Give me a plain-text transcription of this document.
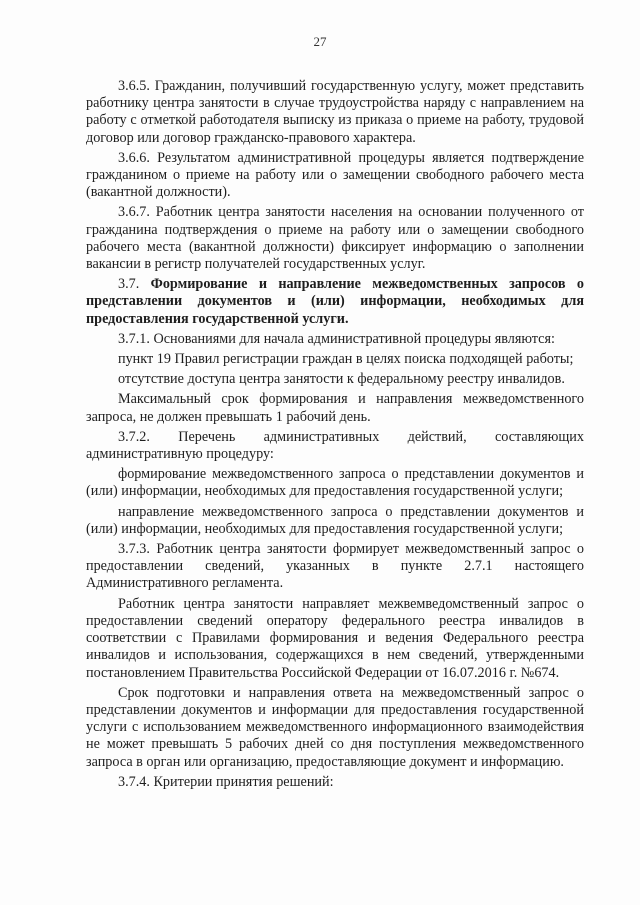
27

3.6.5. Гражданин, получивший государственную услугу, может представить работнику центра занятости в случае трудоустройства наряду с направлением на работу с отметкой работодателя выписку из приказа о приеме на работу, трудовой договор или договор гражданско-правового характера.

3.6.6. Результатом административной процедуры является подтверждение гражданином о приеме на работу или о замещении свободного рабочего места (вакантной должности).

3.6.7. Работник центра занятости населения на основании полученного от гражданина подтверждения о приеме на работу или о замещении свободного рабочего места (вакантной должности) фиксирует информацию о заполнении вакансии в регистр получателей государственных услуг.

3.7. Формирование и направление межведомственных запросов о представлении документов и (или) информации, необходимых для предоставления государственной услуги.

3.7.1. Основаниями для начала административной процедуры являются:

пункт 19 Правил регистрации граждан в целях поиска подходящей работы;

отсутствие доступа центра занятости к федеральному реестру инвалидов.

Максимальный срок формирования и направления межведомственного запроса, не должен превышать 1 рабочий день.

3.7.2. Перечень административных действий, составляющих административную процедуру:

формирование межведомственного запроса о представлении документов и (или) информации, необходимых для предоставления государственной услуги;

направление межведомственного запроса о представлении документов и (или) информации, необходимых для предоставления государственной услуги;

3.7.3. Работник центра занятости формирует межведомственный запрос о предоставлении сведений, указанных в пункте 2.7.1 настоящего Административного регламента.

Работник центра занятости направляет межвемведомственный запрос о предоставлении сведений оператору федерального реестра инвалидов в соответствии с Правилами формирования и ведения Федерального реестра инвалидов и использования, содержащихся в нем сведений, утвержденными постановлением Правительства Российской Федерации от 16.07.2016 г. №674.

Срок подготовки и направления ответа на межведомственный запрос о представлении документов и информации для предоставления государственной услуги с использованием межведомственного информационного взаимодействия не может превышать 5 рабочих дней со дня поступления межведомственного запроса в орган или организацию, предоставляющие документ и информацию.

3.7.4. Критерии принятия решений:
